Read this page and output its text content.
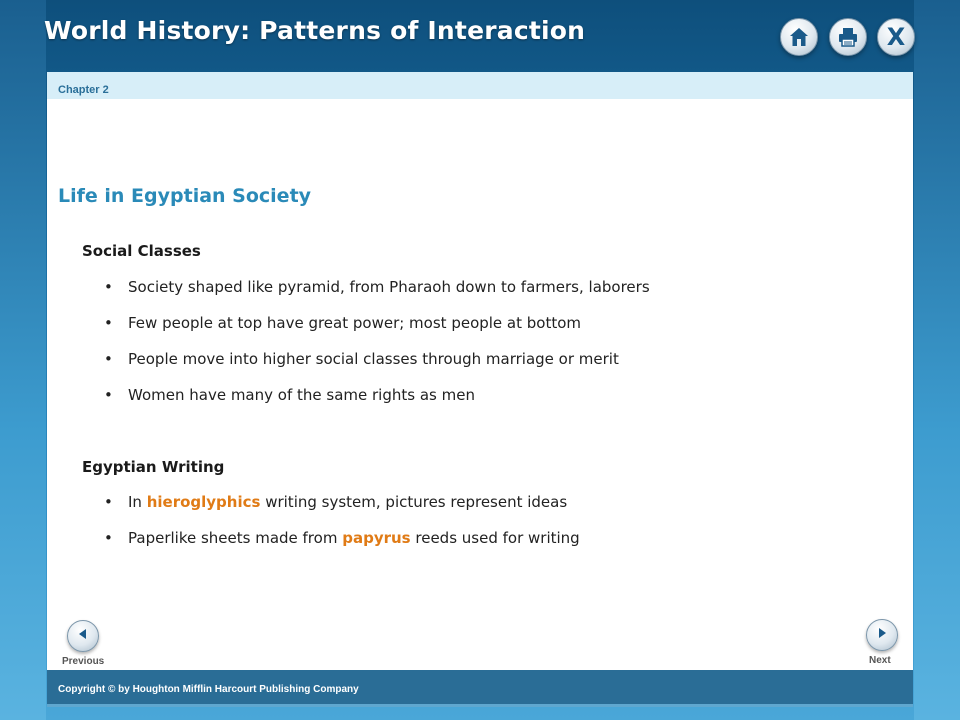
World History: Patterns of Interaction	X
Chapter 2
Life in Egyptian Society
Social Classes
• Society shaped like pyramid, from Pharaoh down to farmers, laborers
• Few people at top have great power; most people at bottom
• People move into higher social classes through marriage or merit
• Women have many of the same rights as men
Egyptian Writing
• In hieroglyphics writing system, pictures represent ideas
• Paperlike sheets made from papyrus reeds used for writing
Previous	Next
Copyright © by Houghton Mifflin Harcourt Publishing Company
